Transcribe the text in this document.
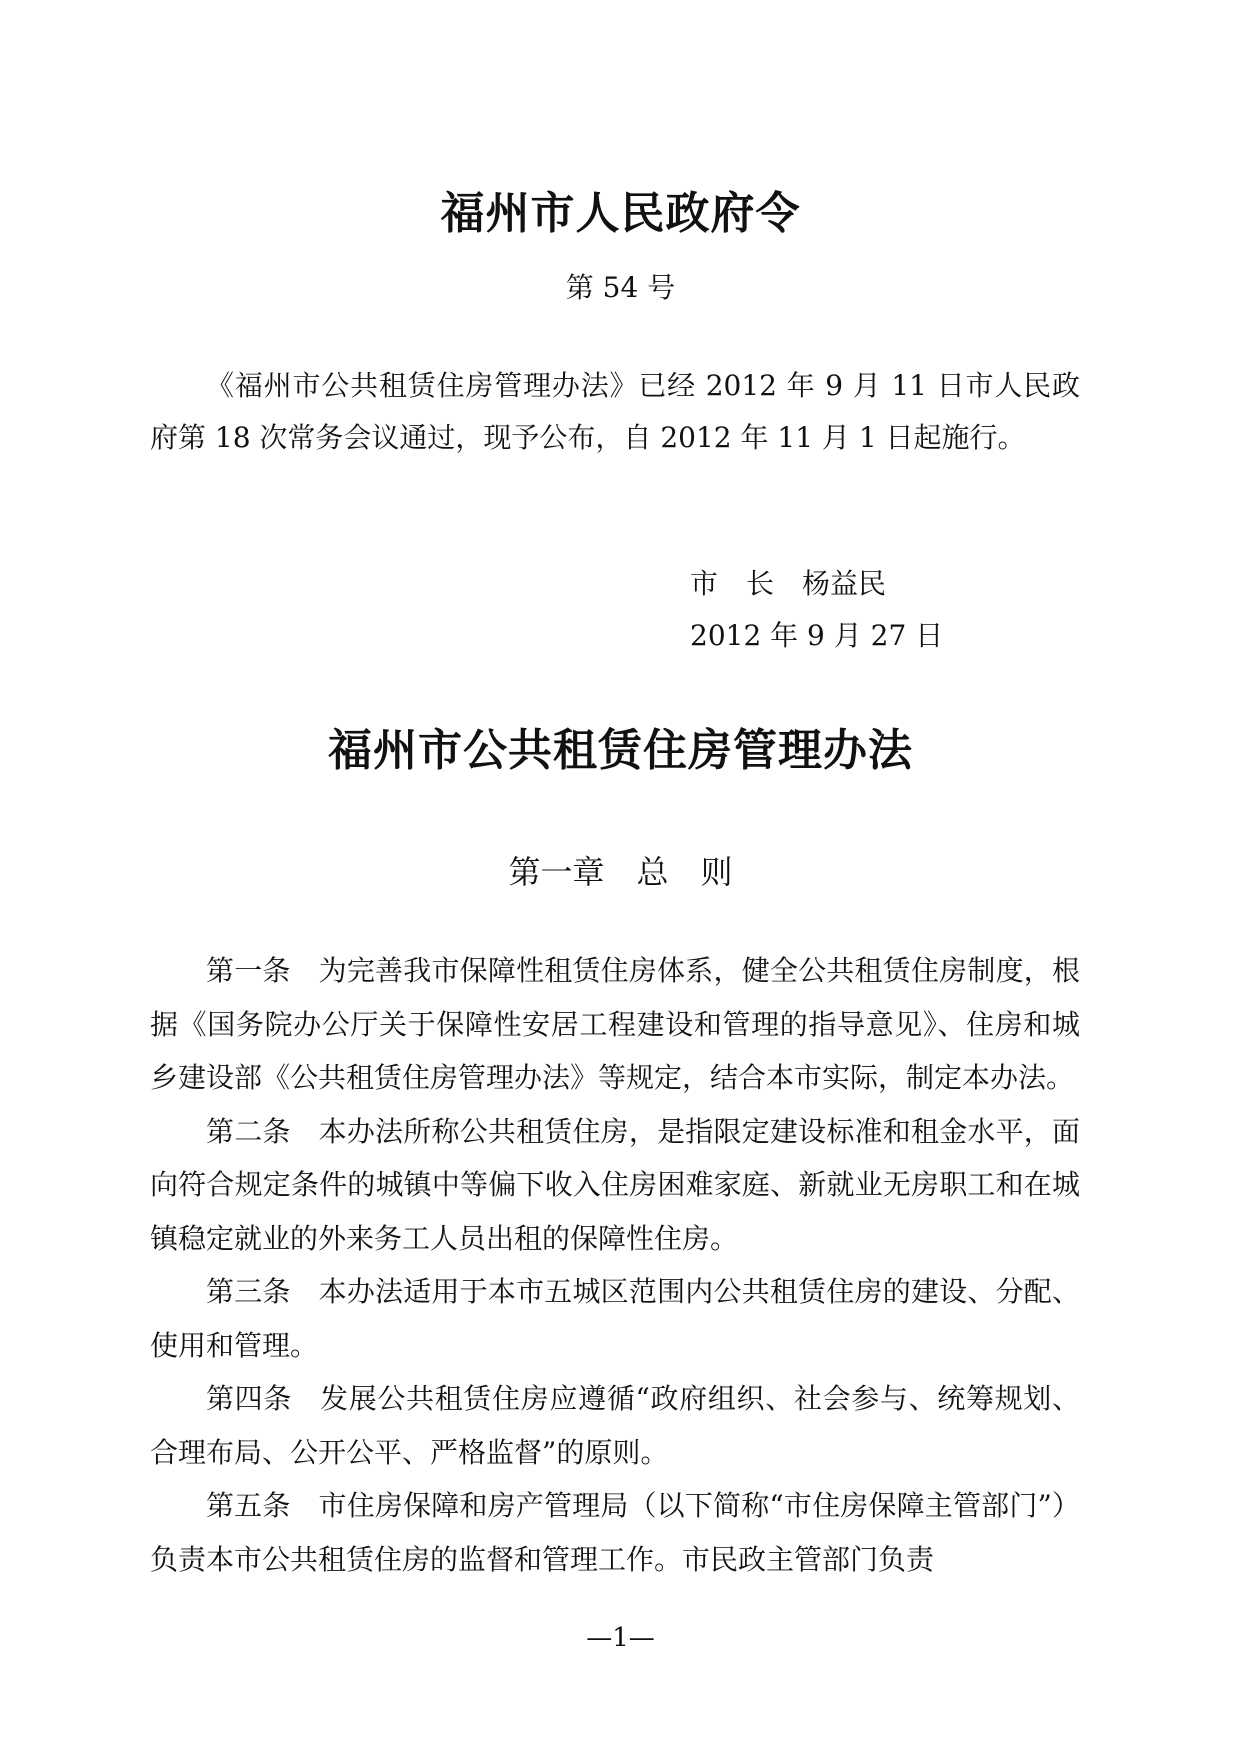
福州市人民政府令
第 54 号

《福州市公共租赁住房管理办法》已经 2012 年 9 月 11 日市人民政府第 18 次常务会议通过，现予公布，自 2012 年 11 月 1 日起施行。

市　长　杨益民
2012 年 9 月 27 日
福州市公共租赁住房管理办法
第一章　总　则

第一条 为完善我市保障性租赁住房体系，健全公共租赁住房制度，根据《国务院办公厅关于保障性安居工程建设和管理的指导意见》、住房和城乡建设部《公共租赁住房管理办法》等规定，结合本市实际，制定本办法。

第二条 本办法所称公共租赁住房，是指限定建设标准和租金水平，面向符合规定条件的城镇中等偏下收入住房困难家庭、新就业无房职工和在城镇稳定就业的外来务工人员出租的保障性住房。

第三条 本办法适用于本市五城区范围内公共租赁住房的建设、分配、使用和管理。

第四条 发展公共租赁住房应遵循“政府组织、社会参与、统筹规划、合理布局、公开公平、严格监督”的原则。

第五条 市住房保障和房产管理局（以下简称“市住房保障主管部门”）负责本市公共租赁住房的监督和管理工作。市民政主管部门负责

—1—
